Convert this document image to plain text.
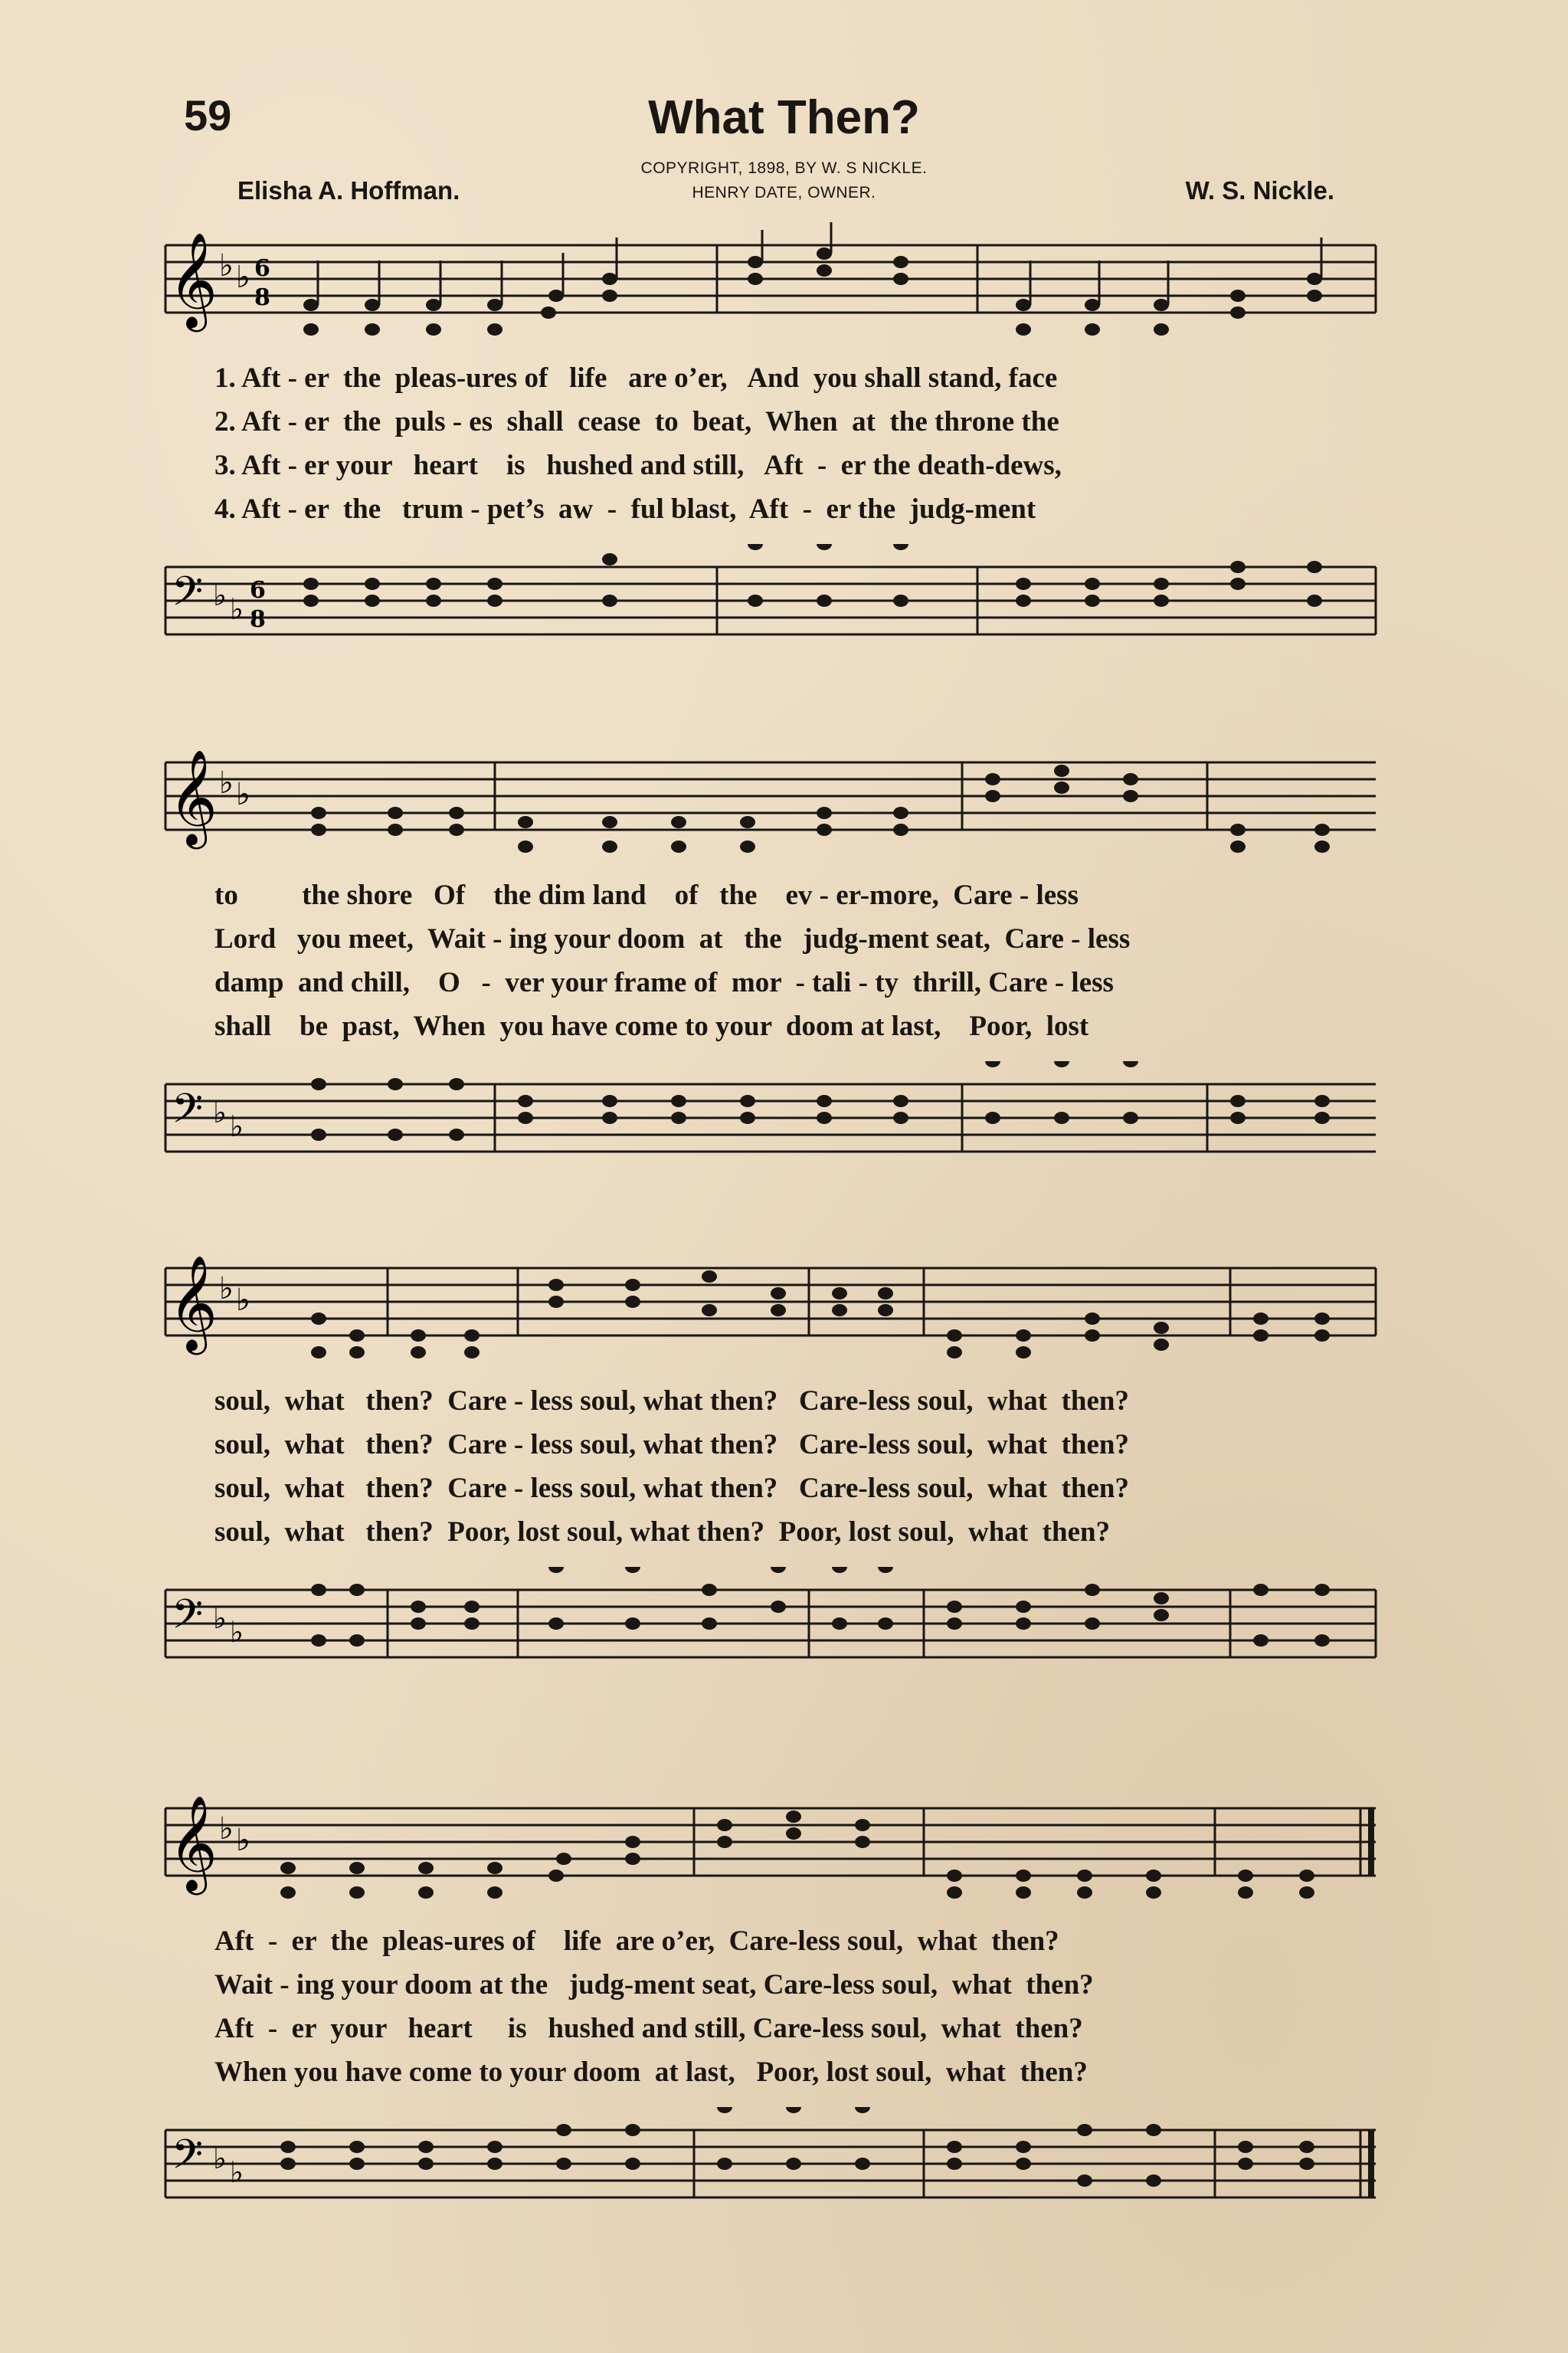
59	What Then?
COPYRIGHT, 1898, BY W. S NICKLE.
HENRY DATE, OWNER.
Elisha A. Hoffman.	W. S. Nickle.
𝄞 ♭ ♭ 6
8
1. Aft - er  the  pleas-ures of   life   are o’er,   And  you shall stand, face
2. Aft - er  the  puls - es  shall  cease  to  beat,  When  at  the throne the
3. Aft - er your   heart    is   hushed and still,   Aft  -  er the death-dews,
4. Aft - er  the   trum - pet’s  aw  -  ful blast,  Aft  -  er the  judg-ment
𝄢 ♭ ♭
6
8
𝄞 ♭ ♭
to         the shore   Of    the dim land    of   the    ev - er-more,  Care - less
Lord   you meet,  Wait - ing your doom  at   the   judg-ment seat,  Care - less
damp  and chill,    O   -  ver your frame of  mor  - tali - ty  thrill, Care - less
shall    be  past,  When  you have come to your  doom at last,    Poor,  lost
𝄢 ♭ ♭
𝄞 ♭ ♭
soul,  what   then?  Care - less soul, what then?   Care-less soul,  what  then?
soul,  what   then?  Care - less soul, what then?   Care-less soul,  what  then?
soul,  what   then?  Care - less soul, what then?   Care-less soul,  what  then?
soul,  what   then?  Poor, lost soul, what then?  Poor, lost soul,  what  then?
𝄢 ♭ ♭
𝄞 ♭ ♭
Aft  -  er  the  pleas-ures of    life  are o’er,  Care-less soul,  what  then?
Wait - ing your doom at the   judg-ment seat, Care-less soul,  what  then?
Aft  -  er  your   heart     is   hushed and still, Care-less soul,  what  then?
When you have come to your doom  at last,   Poor, lost soul,  what  then?
𝄢 ♭ ♭
